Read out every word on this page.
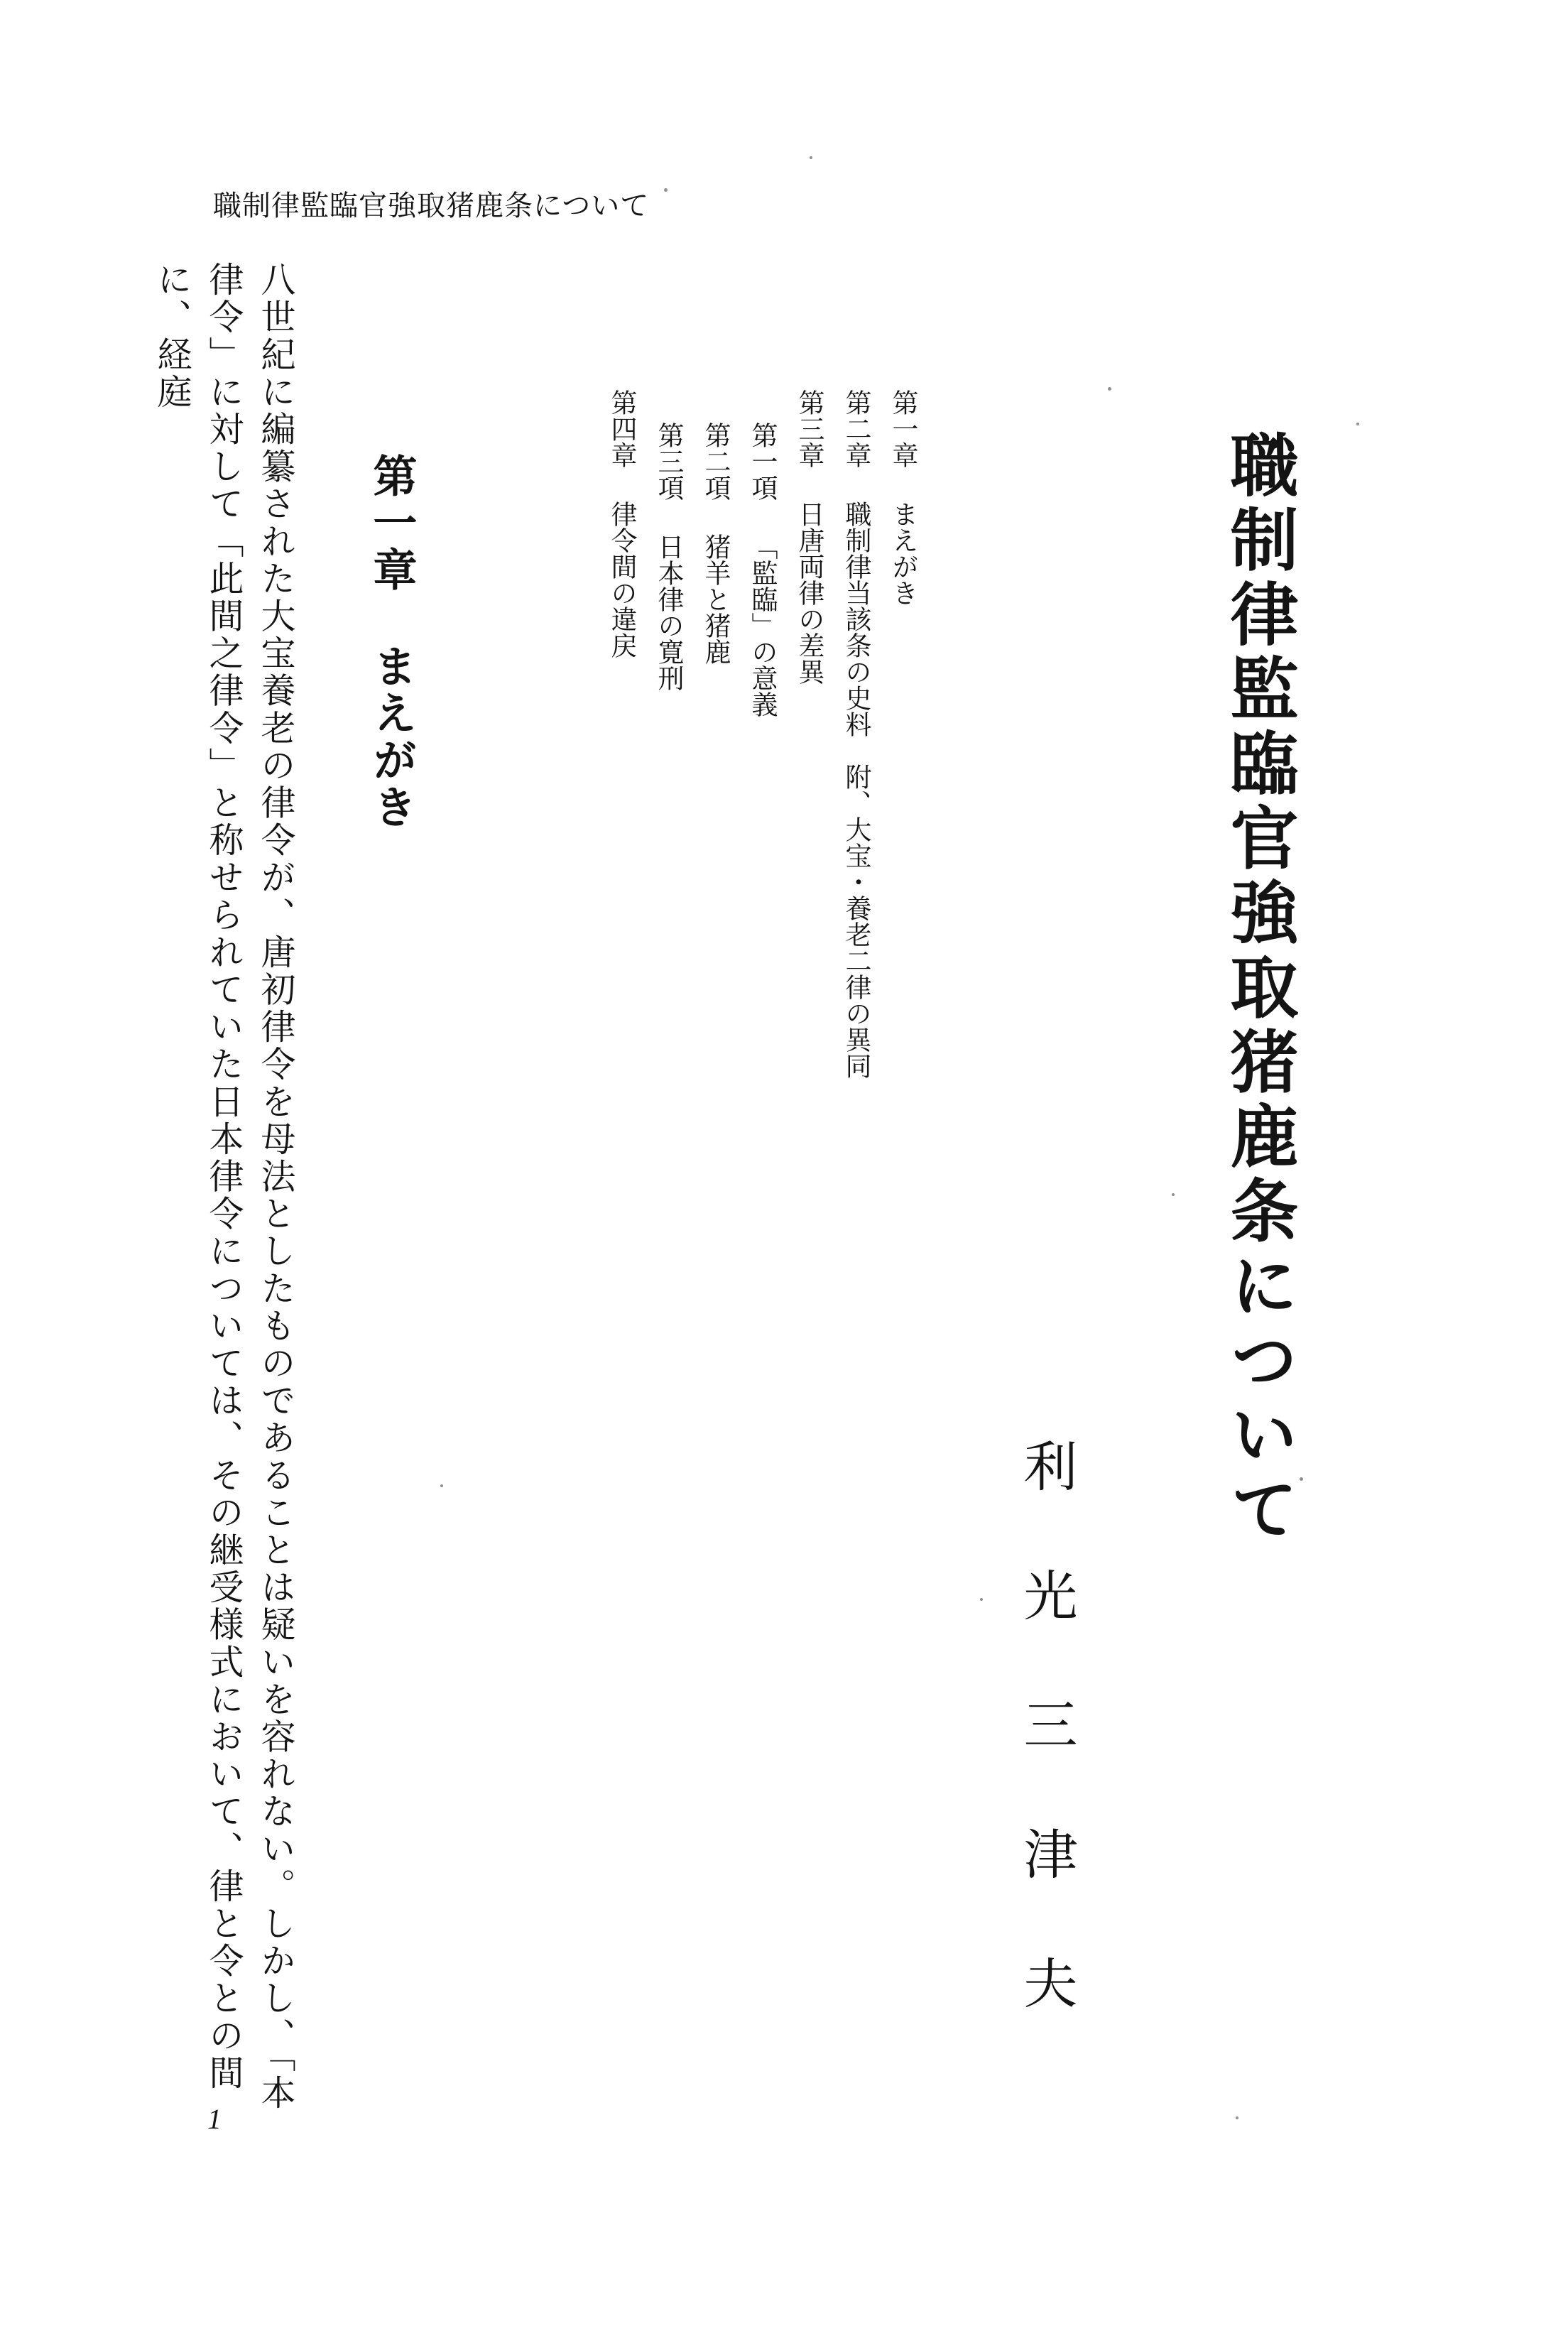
職制律監臨官強取猪鹿条について
職制律監臨官強取猪鹿条について
利光三津夫
第一章まえがき
第二章職制律当該条の史料　附、大宝・養老二律の異同
第三章日唐両律の差異
第一項「監臨」の意義
第二項猪羊と猪鹿
第三項日本律の寛刑
第四章律令間の違戻
第一章まえがき

八世紀に編纂された大宝養老の律令が、唐初律令を母法としたものであることは疑いを容れない。しかし、「本律令」に対して「此間之律令」と称せられていた日本律令については、その継受様式において、律と令との間に、経庭

1
